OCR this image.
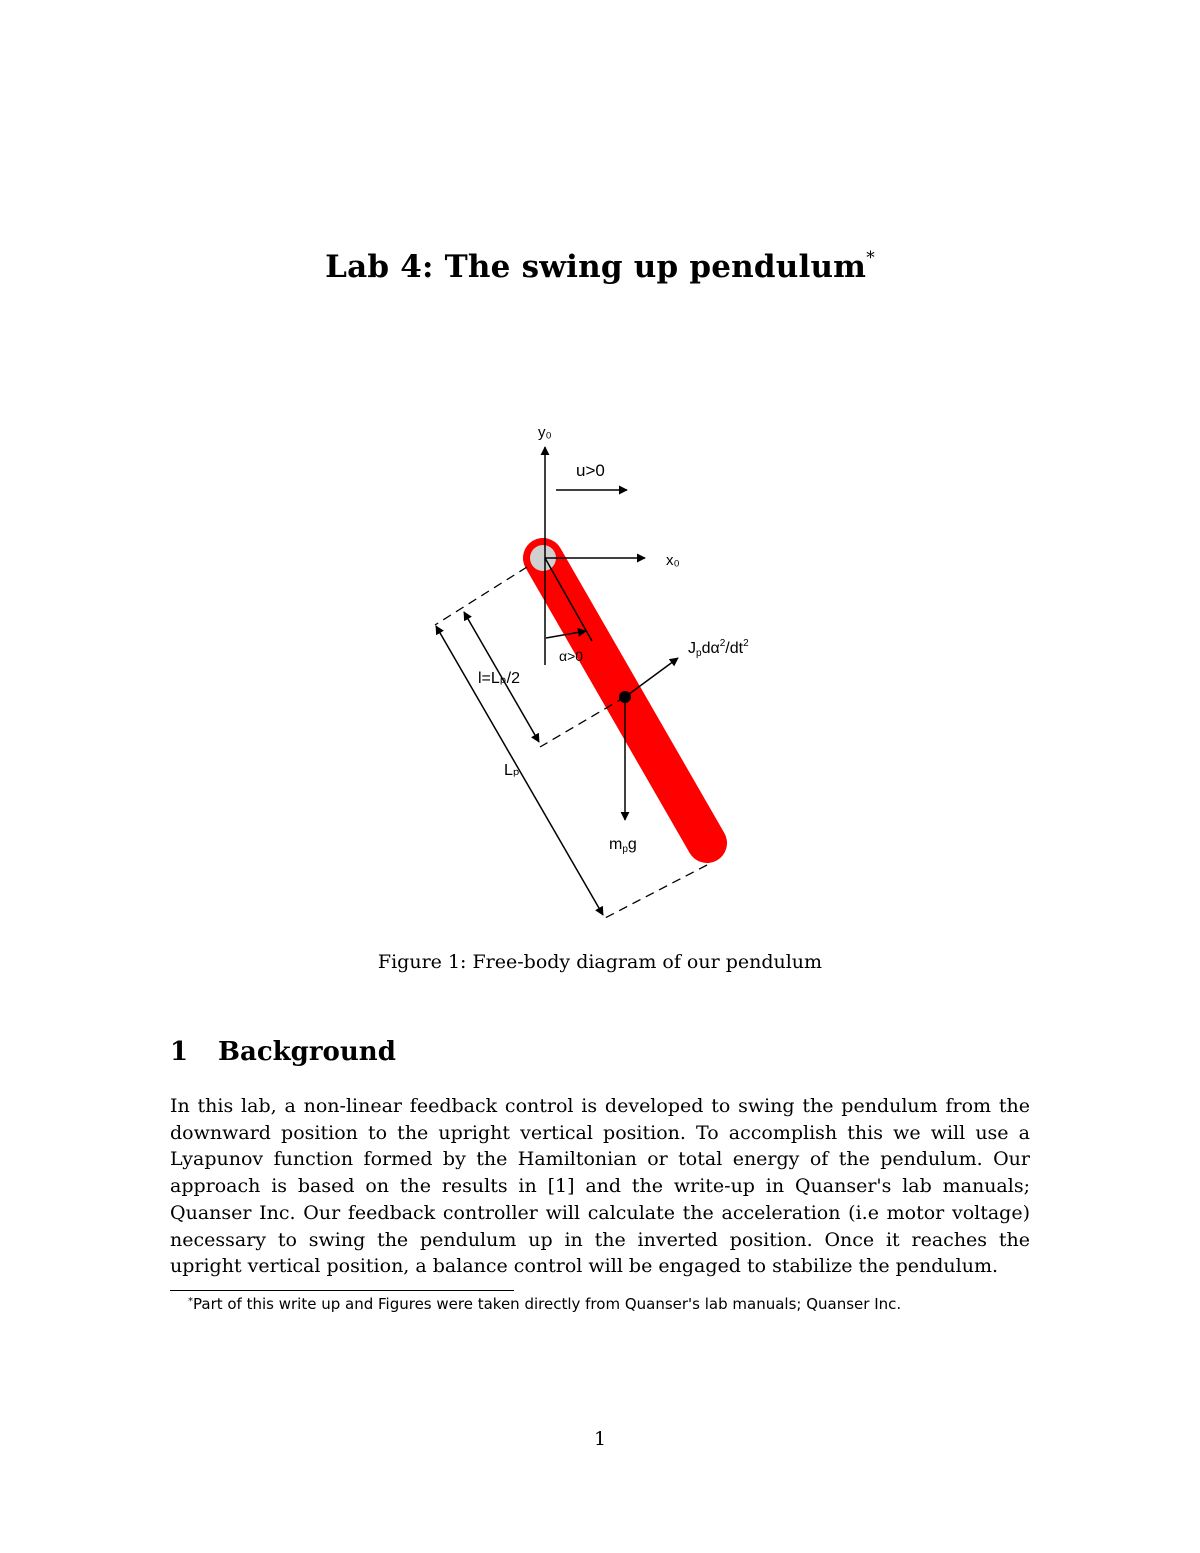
Lab 4: The swing up pendulum*
y₀
x₀
u>0
α>0
l=Lₚ/2
Lₚ
$Jpd\alpha^2/dt^2$
mpg
Figure 1: Free-body diagram of our pendulum
1 Background
In this lab, a non-linear feedback control is developed to swing the pendulum from the downward position to the upright vertical position. To accomplish this we will use a Lyapunov function formed by the Hamiltonian or total energy of the pendulum. Our approach is based on the results in [1] and the write-up in Quanser's lab manuals; Quanser Inc. Our feedback controller will calculate the acceleration (i.e motor voltage) necessary to swing the pendulum up in the inverted position. Once it reaches the upright vertical position, a balance control will be engaged to stabilize the pendulum.
*Part of this write up and Figures were taken directly from Quanser's lab manuals; Quanser Inc.
1
